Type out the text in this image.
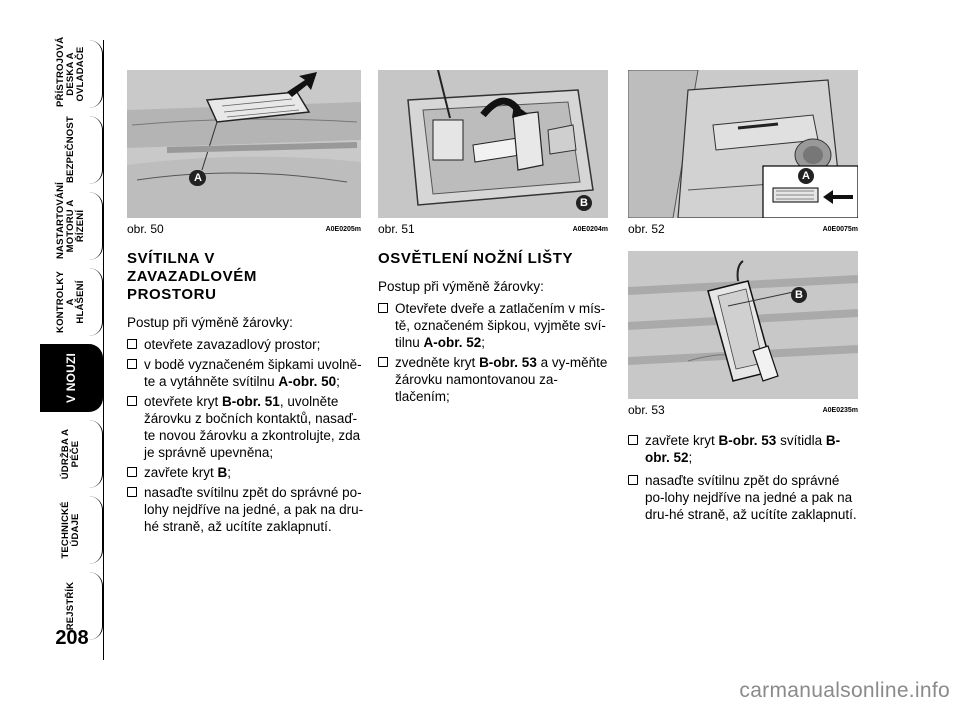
PŘÍSTROJOVÁ
DESKA A
OVLADAČE
BEZPEČNOST
NASTARTOVÁNÍ
MOTORU A
ŘÍZENÍ
KONTROLKY A
HLÁŠENÍ
V NOUZI
ÚDRŽBA A
PÉČE
TECHNICKÉ
ÚDAJE
REJSTŘÍK
208
A
obr. 50	A0E0205m
B
obr. 51	A0E0204m
A
obr. 52	A0E0075m
B
obr. 53	A0E0235m
SVÍTILNA V ZAVAZADLOVÉM PROSTORU

Postup při výměně žárovky:

otevřete zavazadlový prostor;
v bodě vyznačeném šipkami uvolně-te a vytáhněte svítilnu A-obr. 50;
otevřete kryt B-obr. 51, uvolněte žárovku z bočních kontaktů, nasaď-te novou žárovku a zkontrolujte, zda je správně upevněna;
zavřete kryt B;
nasaďte svítilnu zpět do správné po-lohy nejdříve na jedné, a pak na dru-hé straně, až ucítíte zaklapnutí.
OSVĚTLENÍ NOŽNÍ LIŠTY

Postup při výměně žárovky:

Otevřete dveře a zatlačením v mís-tě, označeném šipkou, vyjměte sví-tilnu A-obr. 52;
zvedněte kryt B-obr. 53 a vy-měňte žárovku namontovanou za-tlačením;
zavřete kryt B-obr. 53 svítidla B-obr. 52;
nasaďte svítilnu zpět do správné po-lohy nejdříve na jedné a pak na dru-hé straně, až ucítíte zaklapnutí.
carmanualsonline.info
